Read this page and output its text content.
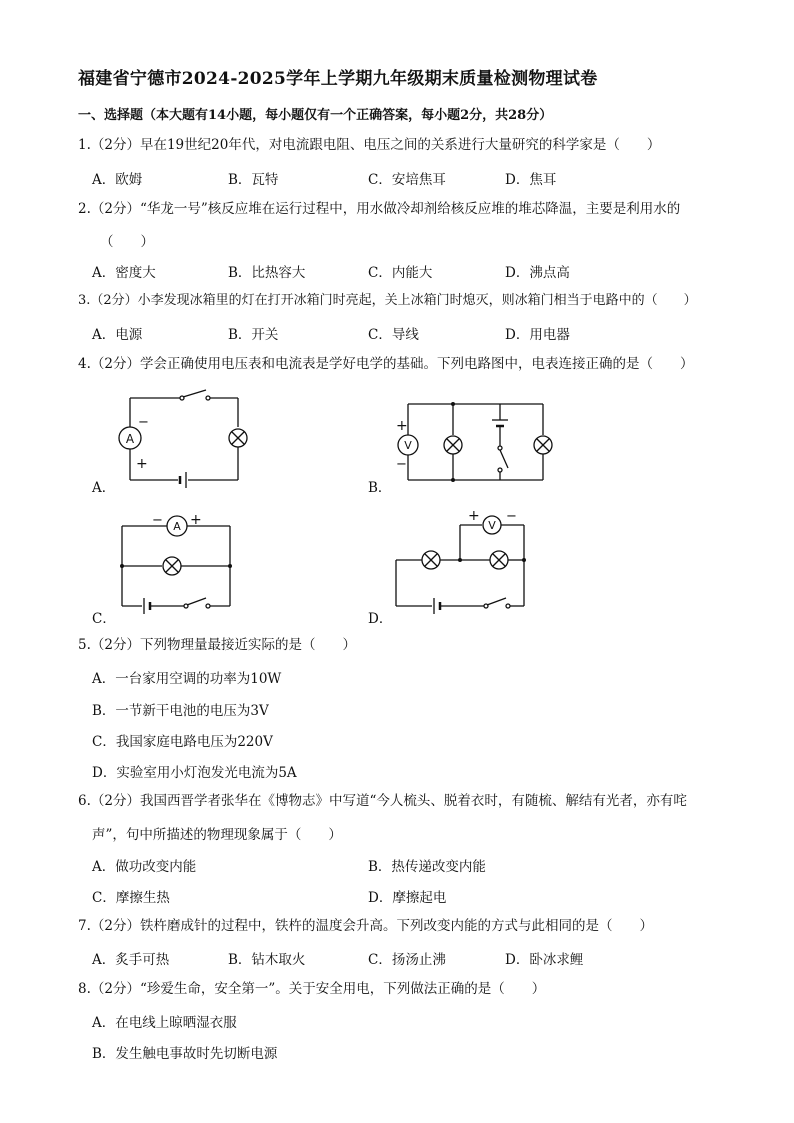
福建省宁德市2024-2025学年上学期九年级期末质量检测物理试卷
一、选择题（本大题有14小题，每小题仅有一个正确答案，每小题2分，共28分）
1.（2分）早在19世纪20年代，对电流跟电阻、电压之间的关系进行大量研究的科学家是（　　）
A．欧姆	B．瓦特	C．安培焦耳	D．焦耳
2.（2分）“华龙一号”核反应堆在运行过程中，用水做冷却剂给核反应堆的堆芯降温，主要是利用水的
（　　）
A．密度大	B．比热容大	C．内能大	D．沸点高
3.（2分）小李发现冰箱里的灯在打开冰箱门时亮起，关上冰箱门时熄灭，则冰箱门相当于电路中的（　　）
A．电源	B．开关	C．导线	D．用电器
4.（2分）学会正确使用电压表和电流表是学好电学的基础。下列电路图中，电表连接正确的是（　　）
A．
A
−
+
B．
V
+
−
C．
A
− +
D．
V
+ −
5.（2分）下列物理量最接近实际的是（　　）
A．一台家用空调的功率为10W
B．一节新干电池的电压为3V
C．我国家庭电路电压为220V
D．实验室用小灯泡发光电流为5A
6.（2分）我国西晋学者张华在《博物志》中写道“今人梳头、脱着衣时，有随梳、解结有光者，亦有咤
声”，句中所描述的物理现象属于（　　）
A．做功改变内能	B．热传递改变内能
C．摩擦生热	D．摩擦起电
7.（2分）铁杵磨成针的过程中，铁杵的温度会升高。下列改变内能的方式与此相同的是（　　）
A．炙手可热	B．钻木取火	C．扬汤止沸	D．卧冰求鲤
8.（2分）“珍爱生命，安全第一”。关于安全用电，下列做法正确的是（　　）
A．在电线上晾晒湿衣服
B．发生触电事故时先切断电源
